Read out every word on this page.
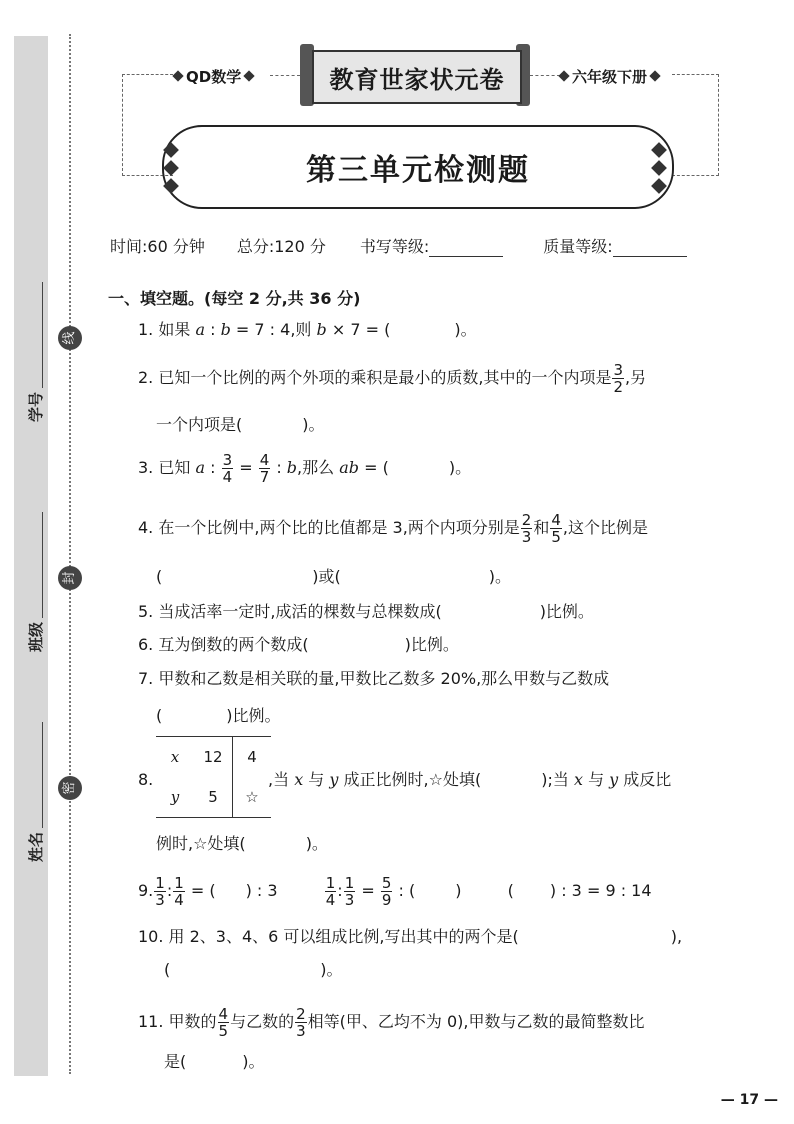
学号
班级
姓名
线
封
密
QD数学	六年级下册
教育世家状元卷
第三单元检测题
时间:60 分钟 总分:120 分 书写等级:	质量等级:
一、填空题。(每空 2 分,共 36 分)
1. 如果 a : b = 7 : 4,则 b × 7 = (	)。
2. 已知一个比例的两个外项的乘积是最小的质数,其中的一个内项是 $\frac{3}{2}$ ,另
一个内项是(	)。
3. 已知 a : $\frac{3}{4} = \frac{4}{7}$ : b,那么 ab = (	)。
4. 在一个比例中,两个比的比值都是 3,两个内项分别是 $\frac{2}{3}$ 和 $\frac{4}{5}$ ,这个比例是
(	)或(	)。
5. 当成活率一定时,成活的棵数与总棵数成(	)比例。
6. 互为倒数的两个数成(	)比例。
7. 甲数和乙数是相关联的量,甲数比乙数多 20%,那么甲数与乙数成
(	)比例。
8.
x	12	4
y	5	☆
,当 x 与 y 成正比例时,☆处填(	);当 x 与 y 成反比
例时,☆处填(	)。
9. $\frac{1}{3}$ : $\frac{1}{4}$ = ( ) : 3	$\frac{1}{4}$ : $\frac{1}{3} = \frac{5}{9}$ : (	)	( ) : 3 = 9 : 14
10. 用 2、3、4、6 可以组成比例,写出其中的两个是(	),
(	)。
11. 甲数的 $\frac{4}{5}$ 与乙数的 $\frac{2}{3}$ 相等(甲、乙均不为 0),甲数与乙数的最简整数比
是(	)。
— 17 —
